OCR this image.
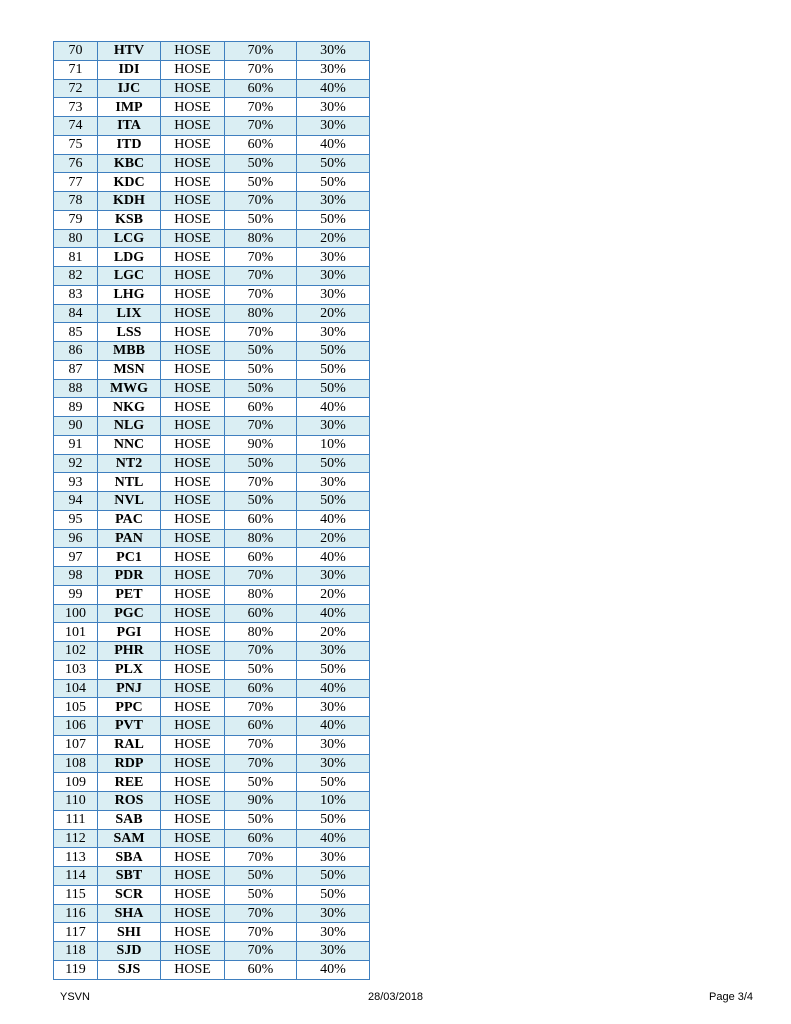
70	HTV	HOSE	70%	30%
71	IDI	HOSE	70%	30%
72	IJC	HOSE	60%	40%
73	IMP	HOSE	70%	30%
74	ITA	HOSE	70%	30%
75	ITD	HOSE	60%	40%
76	KBC	HOSE	50%	50%
77	KDC	HOSE	50%	50%
78	KDH	HOSE	70%	30%
79	KSB	HOSE	50%	50%
80	LCG	HOSE	80%	20%
81	LDG	HOSE	70%	30%
82	LGC	HOSE	70%	30%
83	LHG	HOSE	70%	30%
84	LIX	HOSE	80%	20%
85	LSS	HOSE	70%	30%
86	MBB	HOSE	50%	50%
87	MSN	HOSE	50%	50%
88	MWG	HOSE	50%	50%
89	NKG	HOSE	60%	40%
90	NLG	HOSE	70%	30%
91	NNC	HOSE	90%	10%
92	NT2	HOSE	50%	50%
93	NTL	HOSE	70%	30%
94	NVL	HOSE	50%	50%
95	PAC	HOSE	60%	40%
96	PAN	HOSE	80%	20%
97	PC1	HOSE	60%	40%
98	PDR	HOSE	70%	30%
99	PET	HOSE	80%	20%
100	PGC	HOSE	60%	40%
101	PGI	HOSE	80%	20%
102	PHR	HOSE	70%	30%
103	PLX	HOSE	50%	50%
104	PNJ	HOSE	60%	40%
105	PPC	HOSE	70%	30%
106	PVT	HOSE	60%	40%
107	RAL	HOSE	70%	30%
108	RDP	HOSE	70%	30%
109	REE	HOSE	50%	50%
110	ROS	HOSE	90%	10%
111	SAB	HOSE	50%	50%
112	SAM	HOSE	60%	40%
113	SBA	HOSE	70%	30%
114	SBT	HOSE	50%	50%
115	SCR	HOSE	50%	50%
116	SHA	HOSE	70%	30%
117	SHI	HOSE	70%	30%
118	SJD	HOSE	70%	30%
119	SJS	HOSE	60%	40%
YSVN	28/03/2018	Page 3/4
